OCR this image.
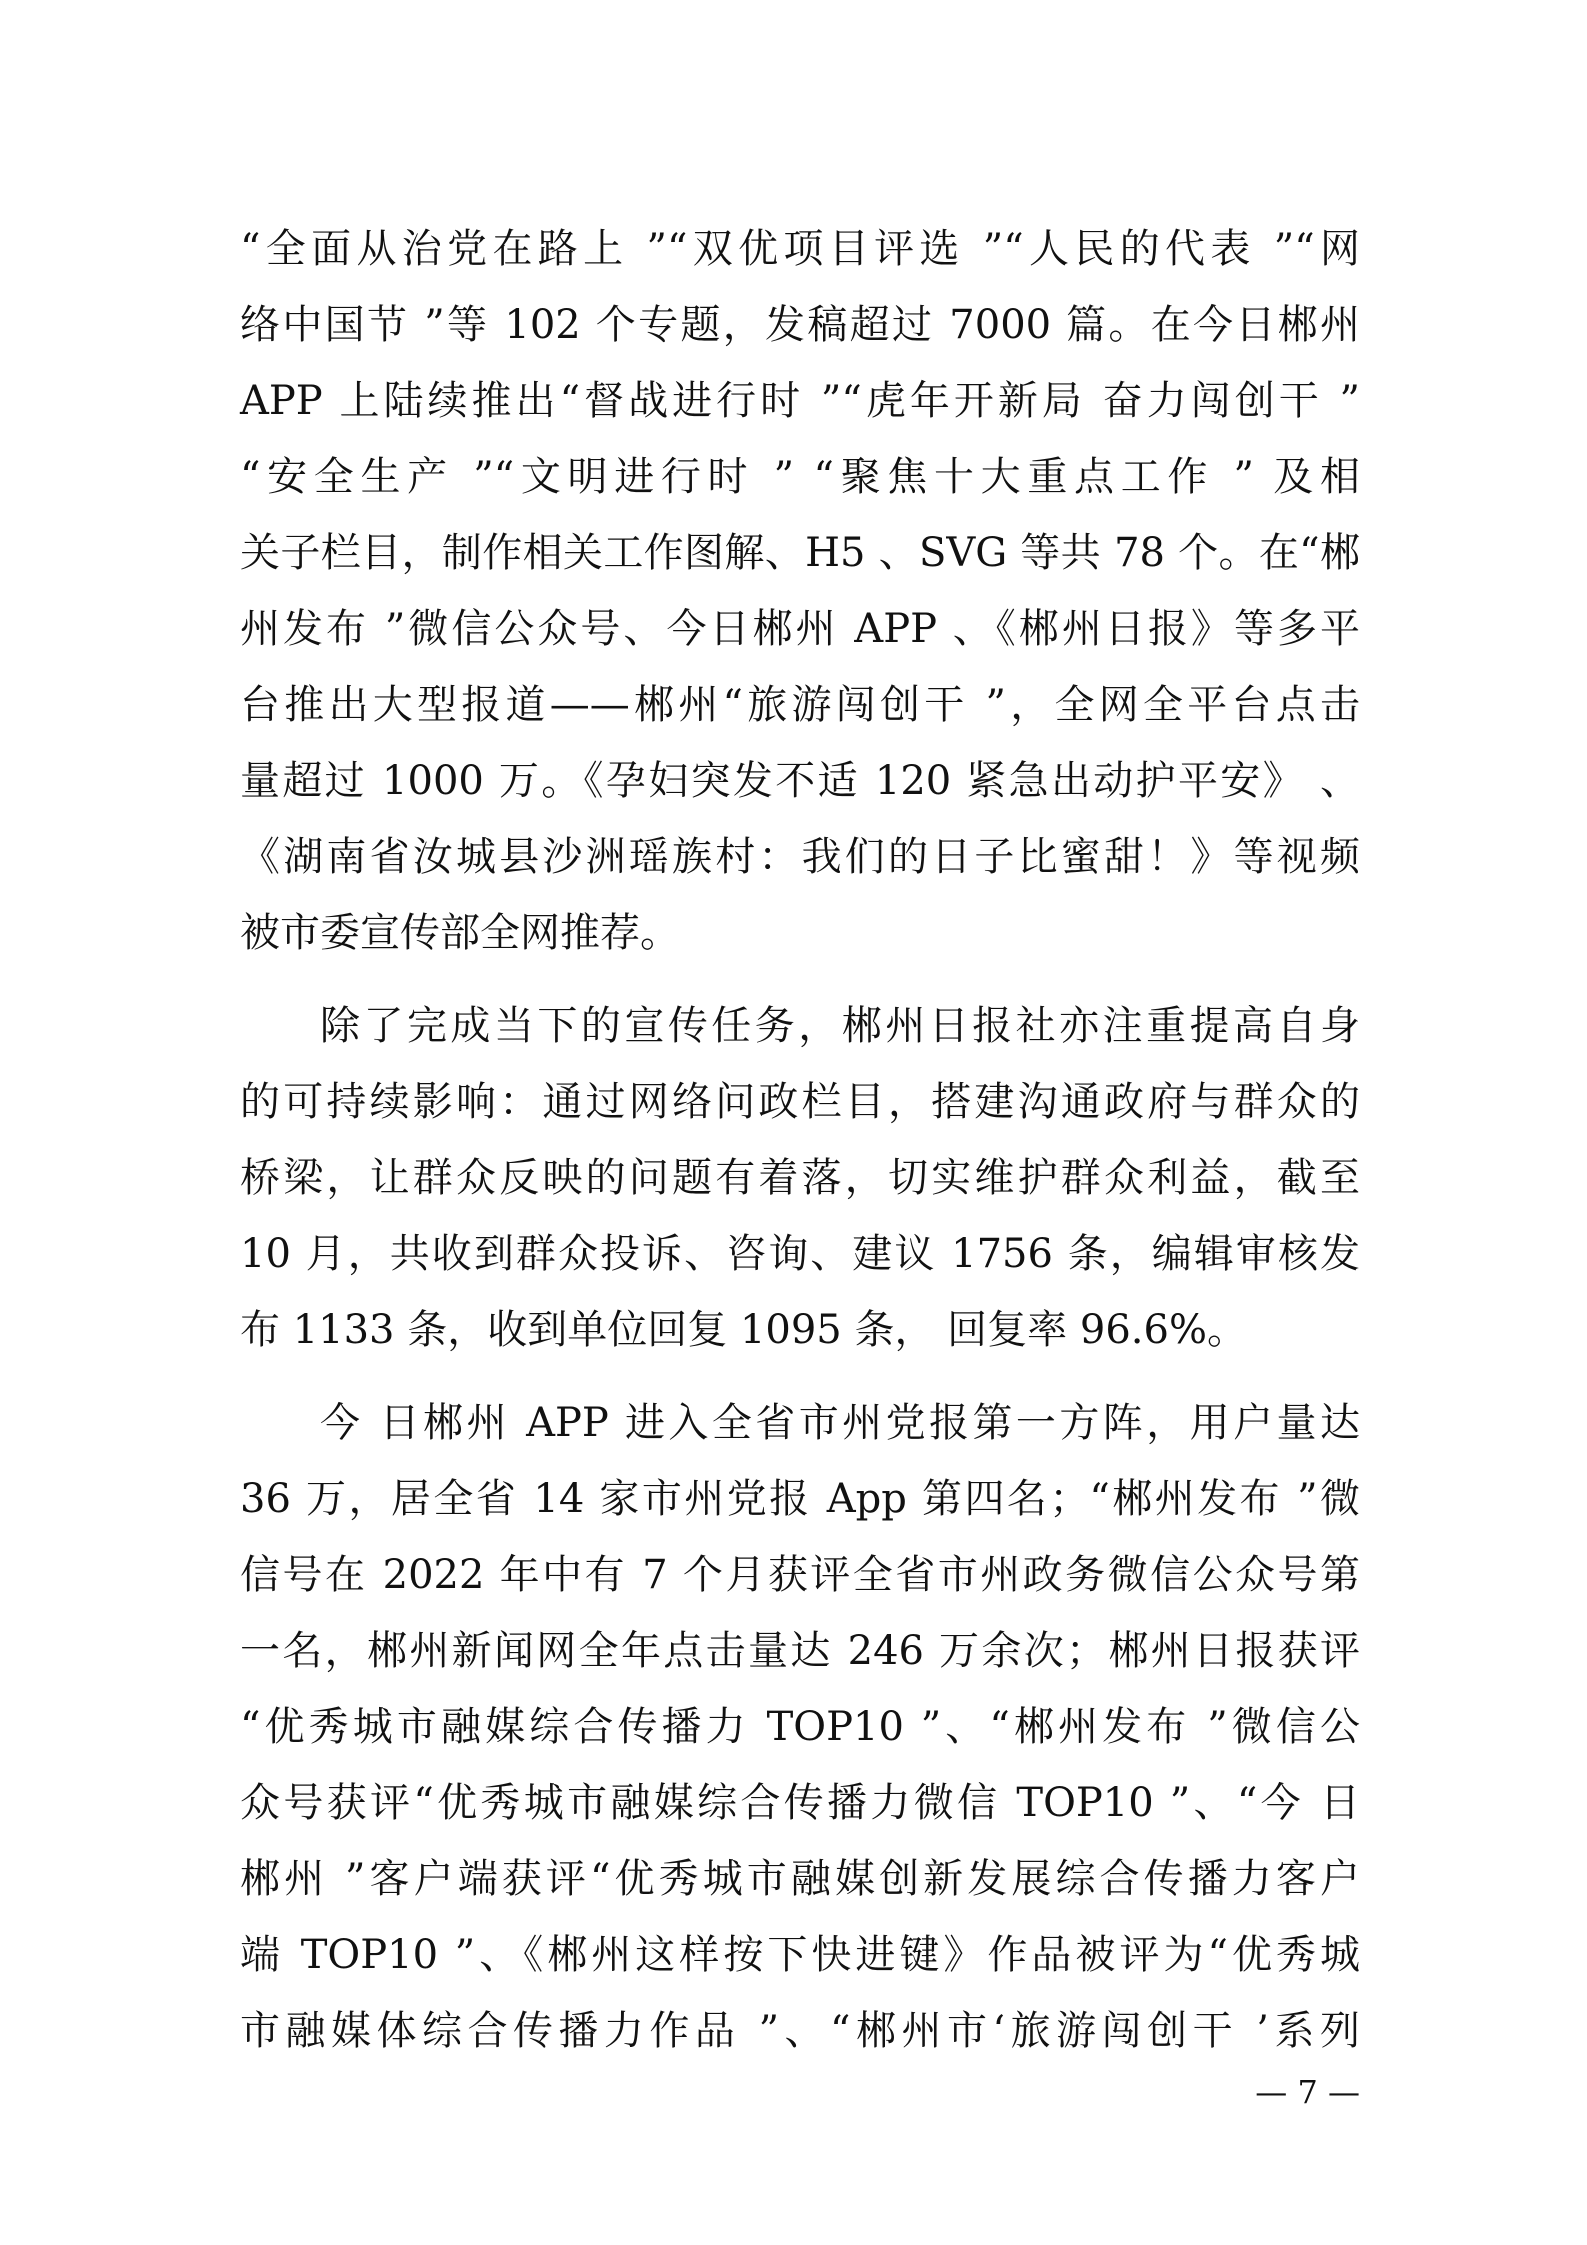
“全面从治党在路上 ”“双优项目评选 ”“人民的代表 ”“网
络中国节 ”等 102 个专题，发稿超过 7000 篇。在今日郴州
APP 上陆续推出“督战进行时 ”“虎年开新局 奋力闯创干 ”
“安全生产 ”“文明进行时 ” “聚焦十大重点工作 ” 及相
关子栏目，制作相关工作图解、H5 、SVG 等共 78 个。在“郴
州发布 ”微信公众号、今日郴州 APP 、《郴州日报》等多平
台推出大型报道——郴州“旅游闯创干 ”，全网全平台点击
量超过 1000 万。《孕妇突发不适 120 紧急出动护平安》 、
《湖南省汝城县沙洲瑶族村：我们的日子比蜜甜！》等视频
被市委宣传部全网推荐。
除了完成当下的宣传任务，郴州日报社亦注重提高自身
的可持续影响：通过网络问政栏目，搭建沟通政府与群众的
桥梁，让群众反映的问题有着落，切实维护群众利益，截至
10 月，共收到群众投诉、咨询、建议 1756 条，编辑审核发
布 1133 条，收到单位回复 1095 条， 回复率 96.6%。
今 日郴州 APP 进入全省市州党报第一方阵，用户量达
36 万，居全省 14 家市州党报 App 第四名；“郴州发布 ”微
信号在 2022 年中有 7 个月获评全省市州政务微信公众号第
一名，郴州新闻网全年点击量达 246 万余次；郴州日报获评
“优秀城市融媒综合传播力 TOP10 ”、“郴州发布 ”微信公
众号获评“优秀城市融媒综合传播力微信 TOP10 ”、“今 日
郴州 ”客户端获评“优秀城市融媒创新发展综合传播力客户
端 TOP10 ”、《郴州这样按下快进键》作品被评为“优秀城
市融媒体综合传播力作品 ”、“郴州市‘旅游闯创干 ’系列
— 7 —
